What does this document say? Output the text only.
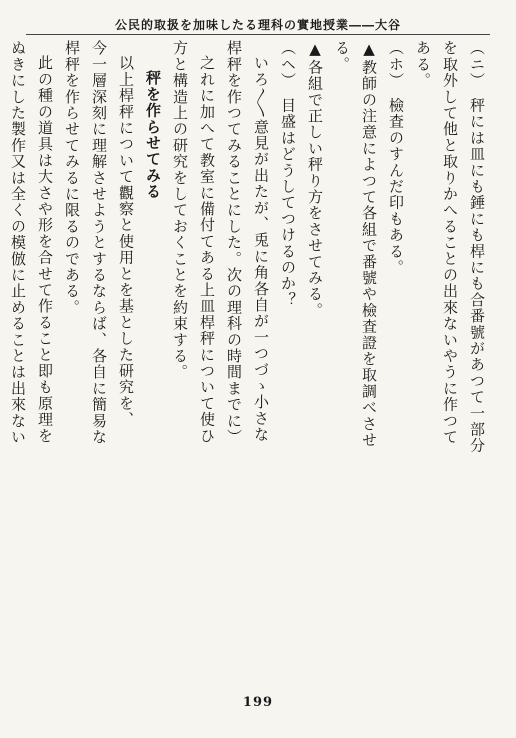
公民的取扱を加味したる理科の實地授業――大谷
（ニ）　秤には皿にも錘にも桿にも合番號があつて一部分
を取外して他と取りかへることの出來ないやうに作つて
ある。
（ホ）　檢査のすんだ印もある。
▲教師の注意によつて各組で番號や檢査證を取調べさせ
る。
▲各組で正しい秤り方をさせてみる。
（ヘ）　目盛はどうしてつけるのか？
いろ〳〵意見が出たが、兎に角各自が一つづゝ小さな
桿秤を作つてみることにした。次の理科の時間までに）
之れに加へて教室に備付てある上皿桿秤について使ひ
方と構造上の研究をしておくことを約束する。
秤を作らせてみる
以上桿秤について觀察と使用とを基とした研究を、
今一層深刻に理解させようとするならば、各自に簡易な
桿秤を作らせてみるに限るのである。
此の種の道具は大さや形を合せて作ること即も原理を
ぬきにした製作又は全くの模倣に止めることは出來ない
199
